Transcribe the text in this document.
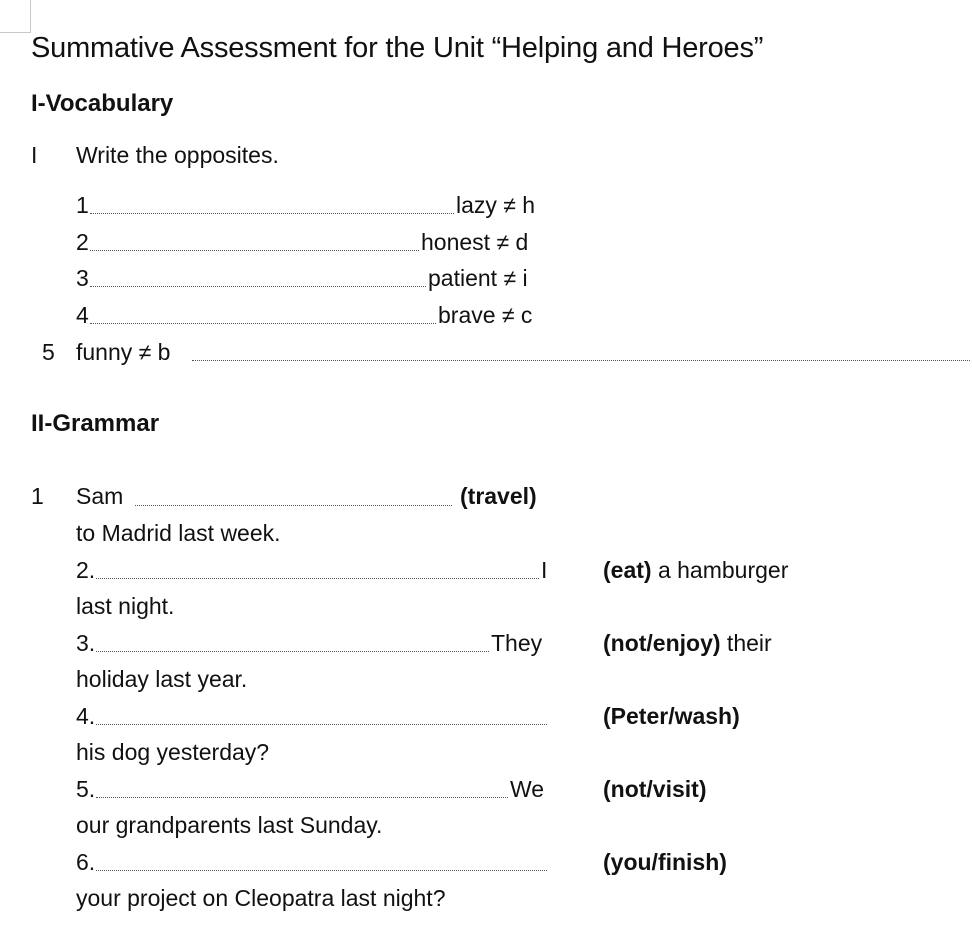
Summative Assessment for the Unit “Helping and Heroes”
I-Vocabulary
I Write the opposites.
1	lazy ≠ h
2	honest ≠ d
3	patient ≠ i
4	brave ≠ c
5 funny ≠ b
II-Grammar
1 Sam	(travel)
to Madrid last week.
2.	I (eat) a hamburger
last night.
3.	They	(not/enjoy) their
holiday last year.
4.	(Peter/wash)
his dog yesterday?
5.	We	(not/visit)
our grandparents last Sunday.
6.	(you/finish)
your project on Cleopatra last night?
